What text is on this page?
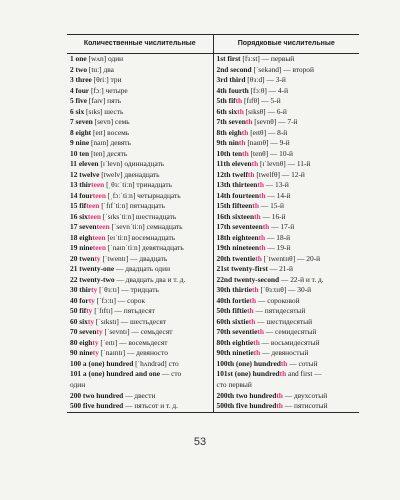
Количественные числительные	Порядковые числительные
1 one [wʌn] один	1st first [fɜːst] — первый
2 two [tuː] два	2nd second [ˈsekənd] — второй
3 three [θriː] три	3rd third [θɜːd] — 3-й
4 four [fɔː] четыре	4th fourth [fɔːθ] — 4-й
5 five [faɪv] пять	5th fifth [fɪfθ] — 5-й
6 six [sɪks] шесть	6th sixth [sɪksθ] — 6-й
7 seven [sevn] семь	7th seventh [sevnθ] — 7-й
8 eight [eɪt] восемь	8th eighth [eɪtθ] — 8-й
9 nine [naɪn] девять	9th ninth [naɪnθ] — 9-й
10 ten [ten] десять	10th tenth [tenθ] — 10-й
11 eleven [ɪˈlevn] одиннадцать	11th eleventh [ɪˈlevnθ] — 11-й
12 twelve [twelv] двенадцать	12th twelfth [twelfθ] — 12-й
13 thirteen [ˌθɜːˈtiːn] тринадцать	13th thirteenth — 13-й
14 fourteen [ˌfɔːˈtiːn] четырнадцать	14th fourteenth — 14-й
15 fifteen [ˈfɪfˈtiːn] пятнадцать	15th fifteenth — 15-й
16 sixteen [ˈsɪksˈtiːn] шестнадцать	16th sixteenth — 16-й
17 seventeen [ˈsevnˈtiːn] семнадцать	17th seventeenth — 17-й
18 eighteen [eɪˈtiːn] восемнадцать	18th eighteenth — 18-й
19 nineteen [ˈnaɪnˈtiːn] девятнадцать	19th nineteenth — 19-й
20 twenty [ˈtwentɪ] — двадцать	20th twentieth [ˈtwentɪɪθ] — 20-й
21 twenty-one — двадцать один	21st twenty-first — 21-й
22 twenty-two — двадцать два и т. д.	22nd twenty-second — 22-й и т. д.
30 thirty [ˈθɜːtɪ] — тридцать	30th thirtieth [ˈθɜːtɪɪθ] — 30-й
40 forty [ˈfɔːtɪ] — сорок	40th fortieth — сороковой
50 fifty [ˈfɪftɪ] — пятьдесят	50th fiftieth — пятидесятый
60 sixty [ˈsɪkstɪ] — шестьдесят	60th sixtieth — шестидесятый
70 seventy [ˈsevntɪ] — семьдесят	70th seventieth — семидесятый
80 eighty [ˈeɪtɪ] — восемьдесят	80th eightieth — восьмидесятый
90 ninety [ˈnaɪntɪ] — девяносто	90th ninetieth — девяностый
100 a (one) hundred [ˈhʌndrəd] сто	100th (one) hundredth — сотый
101 a (one) hundred and one — сто	101st (one) hundredth and first —
один	сто первый
200 two hundred — двести	200th two hundredth — двухсотый
500 five hundred — пятьсот и т. д.	500th five hundredth — пятисотый
53
